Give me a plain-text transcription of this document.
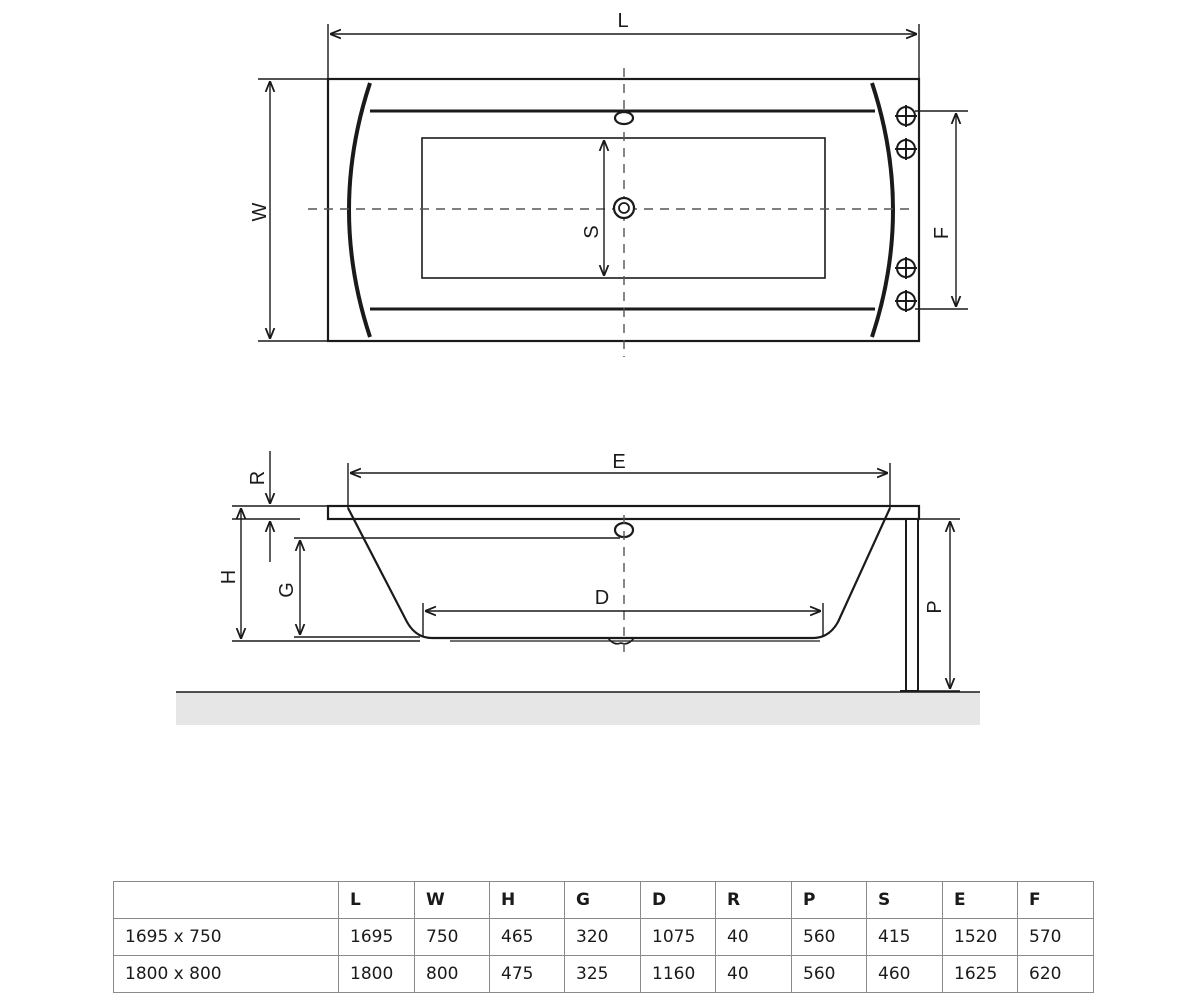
L
W
S	F
E
R
H
G	D	P
	L	W	H	G	D	R	P	S	E	F
1695 x 750	1695	750	465	320	1075	40	560	415	1520	570
1800 x 800	1800	800	475	325	1160	40	560	460	1625	620
